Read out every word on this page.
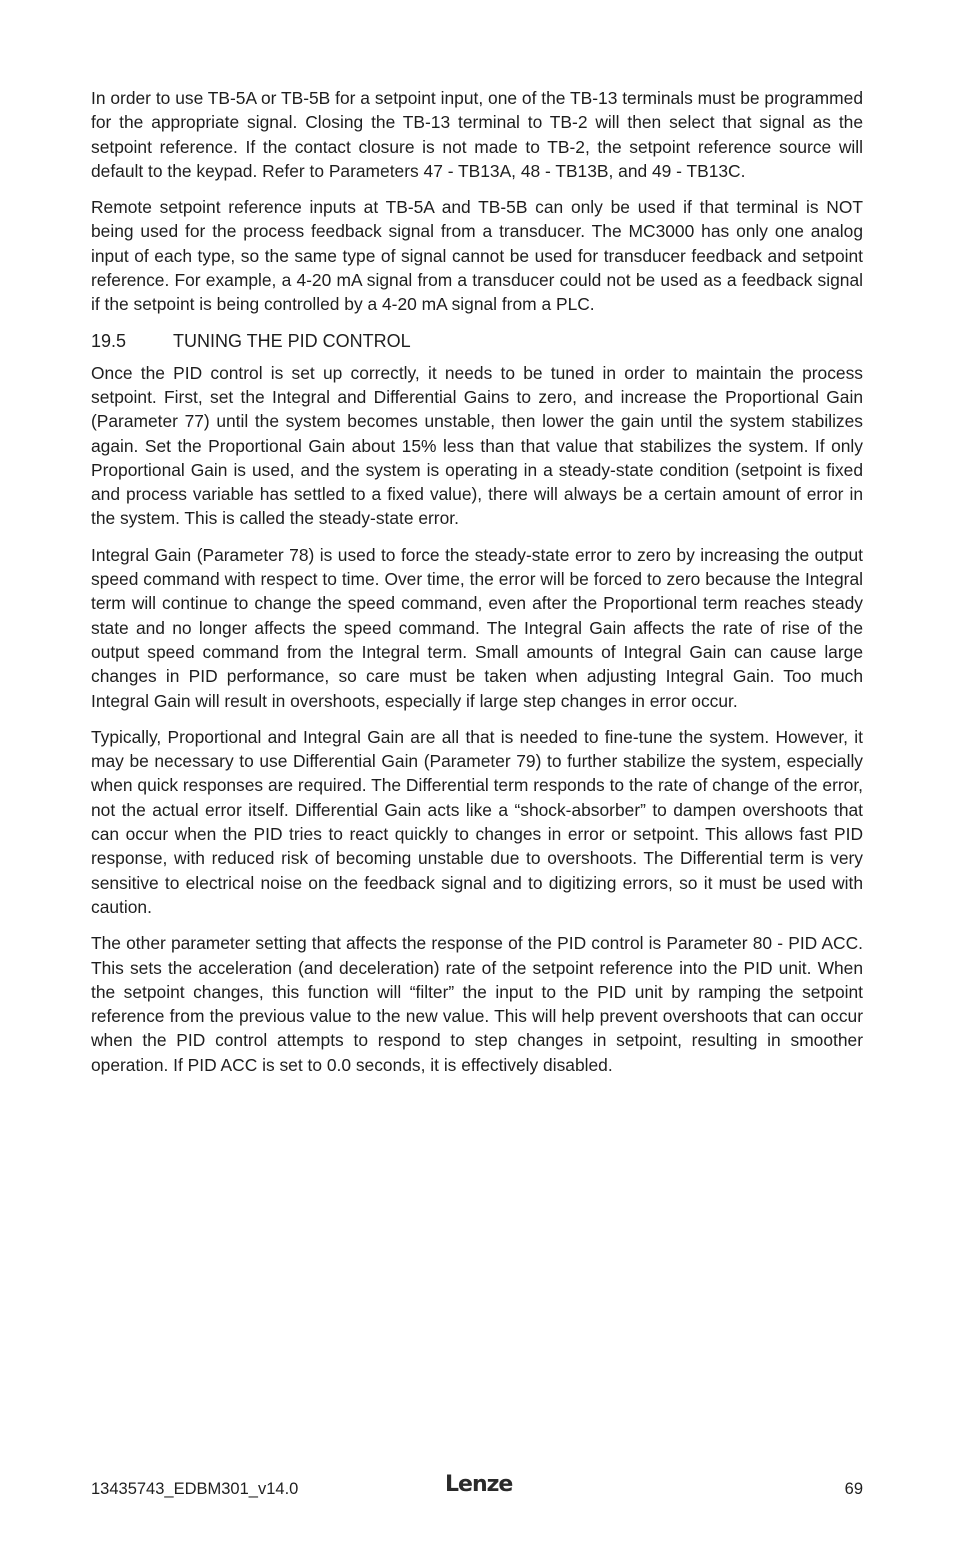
In order to use TB-5A or TB-5B for a setpoint input, one of the TB-13 terminals must be programmed for the appropriate signal. Closing the TB-13 terminal to TB-2 will then select that signal as the setpoint reference. If the contact closure is not made to TB-2, the setpoint reference source will default to the keypad. Refer to Parameters 47 - TB13A, 48 - TB13B, and 49 - TB13C.

Remote setpoint reference inputs at TB-5A and TB-5B can only be used if that terminal is NOT being used for the process feedback signal from a transducer. The MC3000 has only one analog input of each type, so the same type of signal cannot be used for transducer feedback and setpoint reference. For example, a 4-20 mA signal from a transducer could not be used as a feedback signal if the setpoint is being controlled by a 4-20 mA signal from a PLC.

19.5	TUNING THE PID CONTROL

Once the PID control is set up correctly, it needs to be tuned in order to maintain the process setpoint. First, set the Integral and Differential Gains to zero, and increase the Proportional Gain (Parameter 77) until the system becomes unstable, then lower the gain until the system stabilizes again. Set the Proportional Gain about 15% less than that value that stabilizes the system. If only Proportional Gain is used, and the system is operating in a steady-state condition (setpoint is fixed and process variable has settled to a fixed value), there will always be a certain amount of error in the system. This is called the steady-state error.

Integral Gain (Parameter 78) is used to force the steady-state error to zero by increasing the output speed command with respect to time. Over time, the error will be forced to zero because the Integral term will continue to change the speed command, even after the Proportional term reaches steady state and no longer affects the speed command. The Integral Gain affects the rate of rise of the output speed command from the Integral term. Small amounts of Integral Gain can cause large changes in PID performance, so care must be taken when adjusting Integral Gain. Too much Integral Gain will result in overshoots, especially if large step changes in error occur.

Typically, Proportional and Integral Gain are all that is needed to fine-tune the system. However, it may be necessary to use Differential Gain (Parameter 79) to further stabilize the system, especially when quick responses are required. The Differential term responds to the rate of change of the error, not the actual error itself. Differential Gain acts like a “shock-absorber” to dampen overshoots that can occur when the PID tries to react quickly to changes in error or setpoint. This allows fast PID response, with reduced risk of becoming unstable due to overshoots. The Differential term is very sensitive to electrical noise on the feedback signal and to digitizing errors, so it must be used with caution.

The other parameter setting that affects the response of the PID control is Parameter 80 - PID ACC. This sets the acceleration (and deceleration) rate of the setpoint reference into the PID unit. When the setpoint changes, this function will “filter” the input to the PID unit by ramping the setpoint reference from the previous value to the new value. This will help prevent overshoots that can occur when the PID control attempts to respond to step changes in setpoint, resulting in smoother operation. If PID ACC is set to 0.0 seconds, it is effectively disabled.

13435743_EDBM301_v14.0	Lenze	69
